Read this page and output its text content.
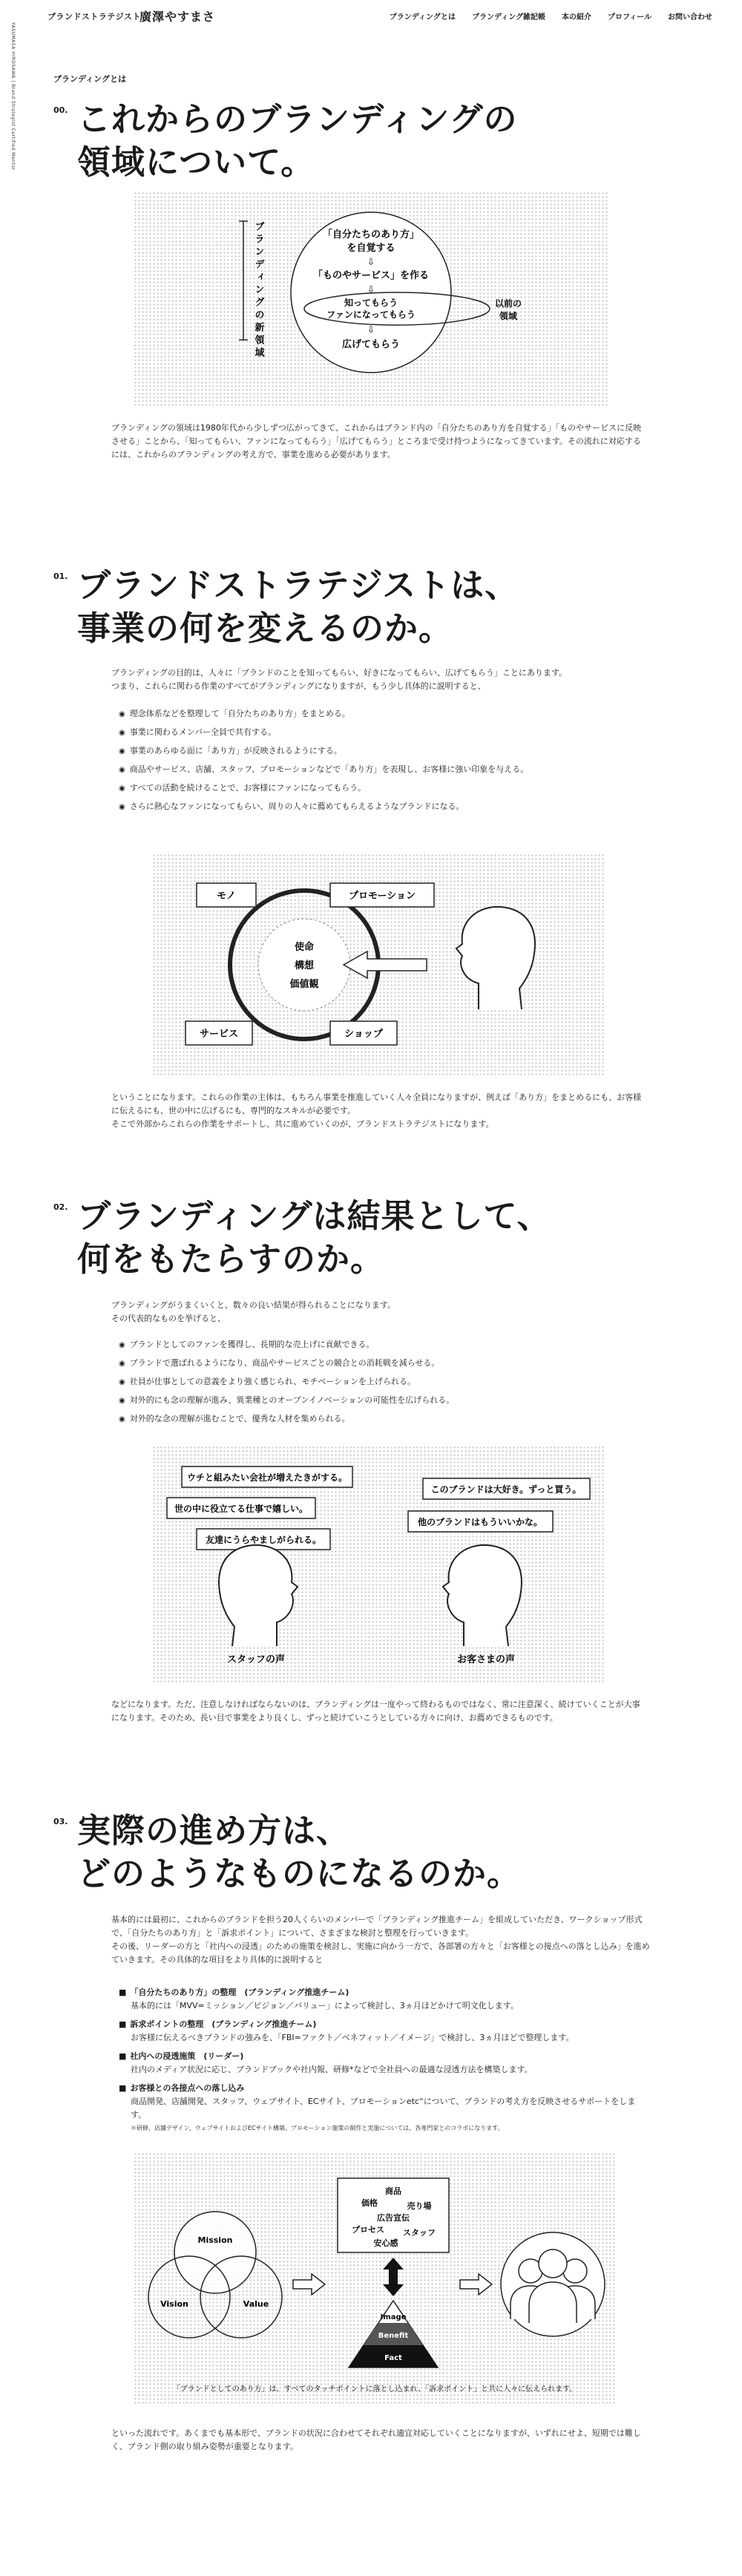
ブランドストラテジスト
廣澤やすまさ	ブランディングとは ブランディング雑記帳 本の紹介 プロフィール お問い合わせ
YASUMASA HIROSAWA | Brand Strategist Certified Mentor	ブランディングとは
00. これからのブランディングの
領域について。
ブランディングの新領域	「自分たちのあり方」
を自覚する
⇩
「ものやサービス」を作る
⇩
知ってもらう
ファンになってもらう
⇩
広げてもらう
以前の
領域
ブランディングの領域は1980年代から少しずつ広がってきて、これからはブランド内の「自分たちのあり方を自覚する」「ものやサービスに反映
させる」ことから、「知ってもらい、ファンになってもらう」「広げてもらう」ところまで受け持つようになってきています。その流れに対応する
には、これからのブランディングの考え方で、事業を進める必要があります。
01. ブランドストラテジストは、
事業の何を変えるのか。
ブランディングの目的は、人々に「ブランドのことを知ってもらい、好きになってもらい、広げてもらう」ことにあります。
つまり、これらに関わる作業のすべてがブランディングになりますが、もう少し具体的に説明すると、
◉ 理念体系などを整理して「自分たちのあり方」をまとめる。
◉ 事業に関わるメンバー全員で共有する。
◉ 事業のあらゆる面に「あり方」が反映されるようにする。
◉ 商品やサービス、店舗、スタッフ、プロモーションなどで「あり方」を表現し、お客様に強い印象を与える。
◉ すべての活動を続けることで、お客様にファンになってもらう。
◉ さらに熱心なファンになってもらい、周りの人々に薦めてもらえるようなブランドになる。
使命
構想
価値観
モノ	プロモーション
サービス	ショップ
ということになります。これらの作業の主体は、もちろん事業を推進していく人々全員になりますが、例えば「あり方」をまとめるにも、お客様
に伝えるにも、世の中に広げるにも、専門的なスキルが必要です。
そこで外部からこれらの作業をサポートし、共に進めていくのが、ブランドストラテジストになります。
02. ブランディングは結果として、
何をもたらすのか。
ブランディングがうまくいくと、数々の良い結果が得られることになります。
その代表的なものを挙げると、
◉ ブランドとしてのファンを獲得し、長期的な売上げに貢献できる。
◉ ブランドで選ばれるようになり、商品やサービスごとの競合との消耗戦を減らせる。
◉ 社員が仕事としての意義をより強く感じられ、モチベーションを上げられる。
◉ 対外的にも念の理解が進み、異業種とのオープンイノベーションの可能性を広げられる。
◉ 対外的な念の理解が進むことで、優秀な人材を集められる。
ウチと組みたい会社が増えたきがする。
世の中に役立てる仕事で嬉しい。
友達にうらやましがられる。
このブランドは大好き。ずっと買う。
他のブランドはもういいかな。
スタッフの声	お客さまの声
などになります。ただ、注意しなければならないのは、ブランディングは一度やって終わるものではなく、常に注意深く、続けていくことが大事
になります。そのため、長い目で事業をより良くし、ずっと続けていこうとしている方々に向け、お薦めできるものです。
03. 実際の進め方は、
どのようなものになるのか。
基本的には最初に、これからのブランドを担う20人くらいのメンバーで「ブランディング推進チーム」を組成していただき、ワークショップ形式
で、「自分たちのあり方」と「訴求ポイント」について、さまざまな検討と整理を行っていきます。
その後、リーダーの方と「社内への浸透」のための施策を検討し、実施に向かう一方で、各部署の方々と「お客様との接点への落とし込み」を進め
ていきます。その具体的な項目をより具体的に説明すると
■ 「自分たちのあり方」の整理　(ブランディング推進チーム)
基本的には「MVV=ミッション／ビジョン／バリュー」によって検討し、3ヵ月ほどかけて明文化します。
■ 訴求ポイントの整理　(ブランディング推進チーム)
お客様に伝えるべきブランドの強みを、「FBI=ファクト／ベネフィット／イメージ」で検討し、3ヵ月ほどで整理します。
■ 社内への浸透施策　(リーダー)
社内のメディア状況に応じ、ブランドブックや社内報、研修*などで全社員への最適な浸透方法を構築します。
■ お客様との各接点への落し込み
商品開発、店舗開発、スタッフ、ウェブサイト、ECサイト、プロモーションetc“について、ブランドの考え方を反映させるサポートをしま
す。
＊研修、店舗デザイン、ウェブサイトおよびECサイト構築、プロモーション施策の制作と実施については、各専門家とのコラボになります。
Mission
Vision	Value
商品
価格	売り場
広告宣伝
プロセス スタッフ
安心感
Image
Benefit
Fact
「ブランドとしてのあり方」は、すべてのタッチポイントに落とし込まれ、「訴求ポイント」と共に人々に伝えられます。
といった流れです。あくまでも基本形で、ブランドの状況に合わせてそれぞれ適宜対応していくことになりますが、いずれにせよ、短期では難し
く、ブランド側の取り組み姿勢が重要となります。
